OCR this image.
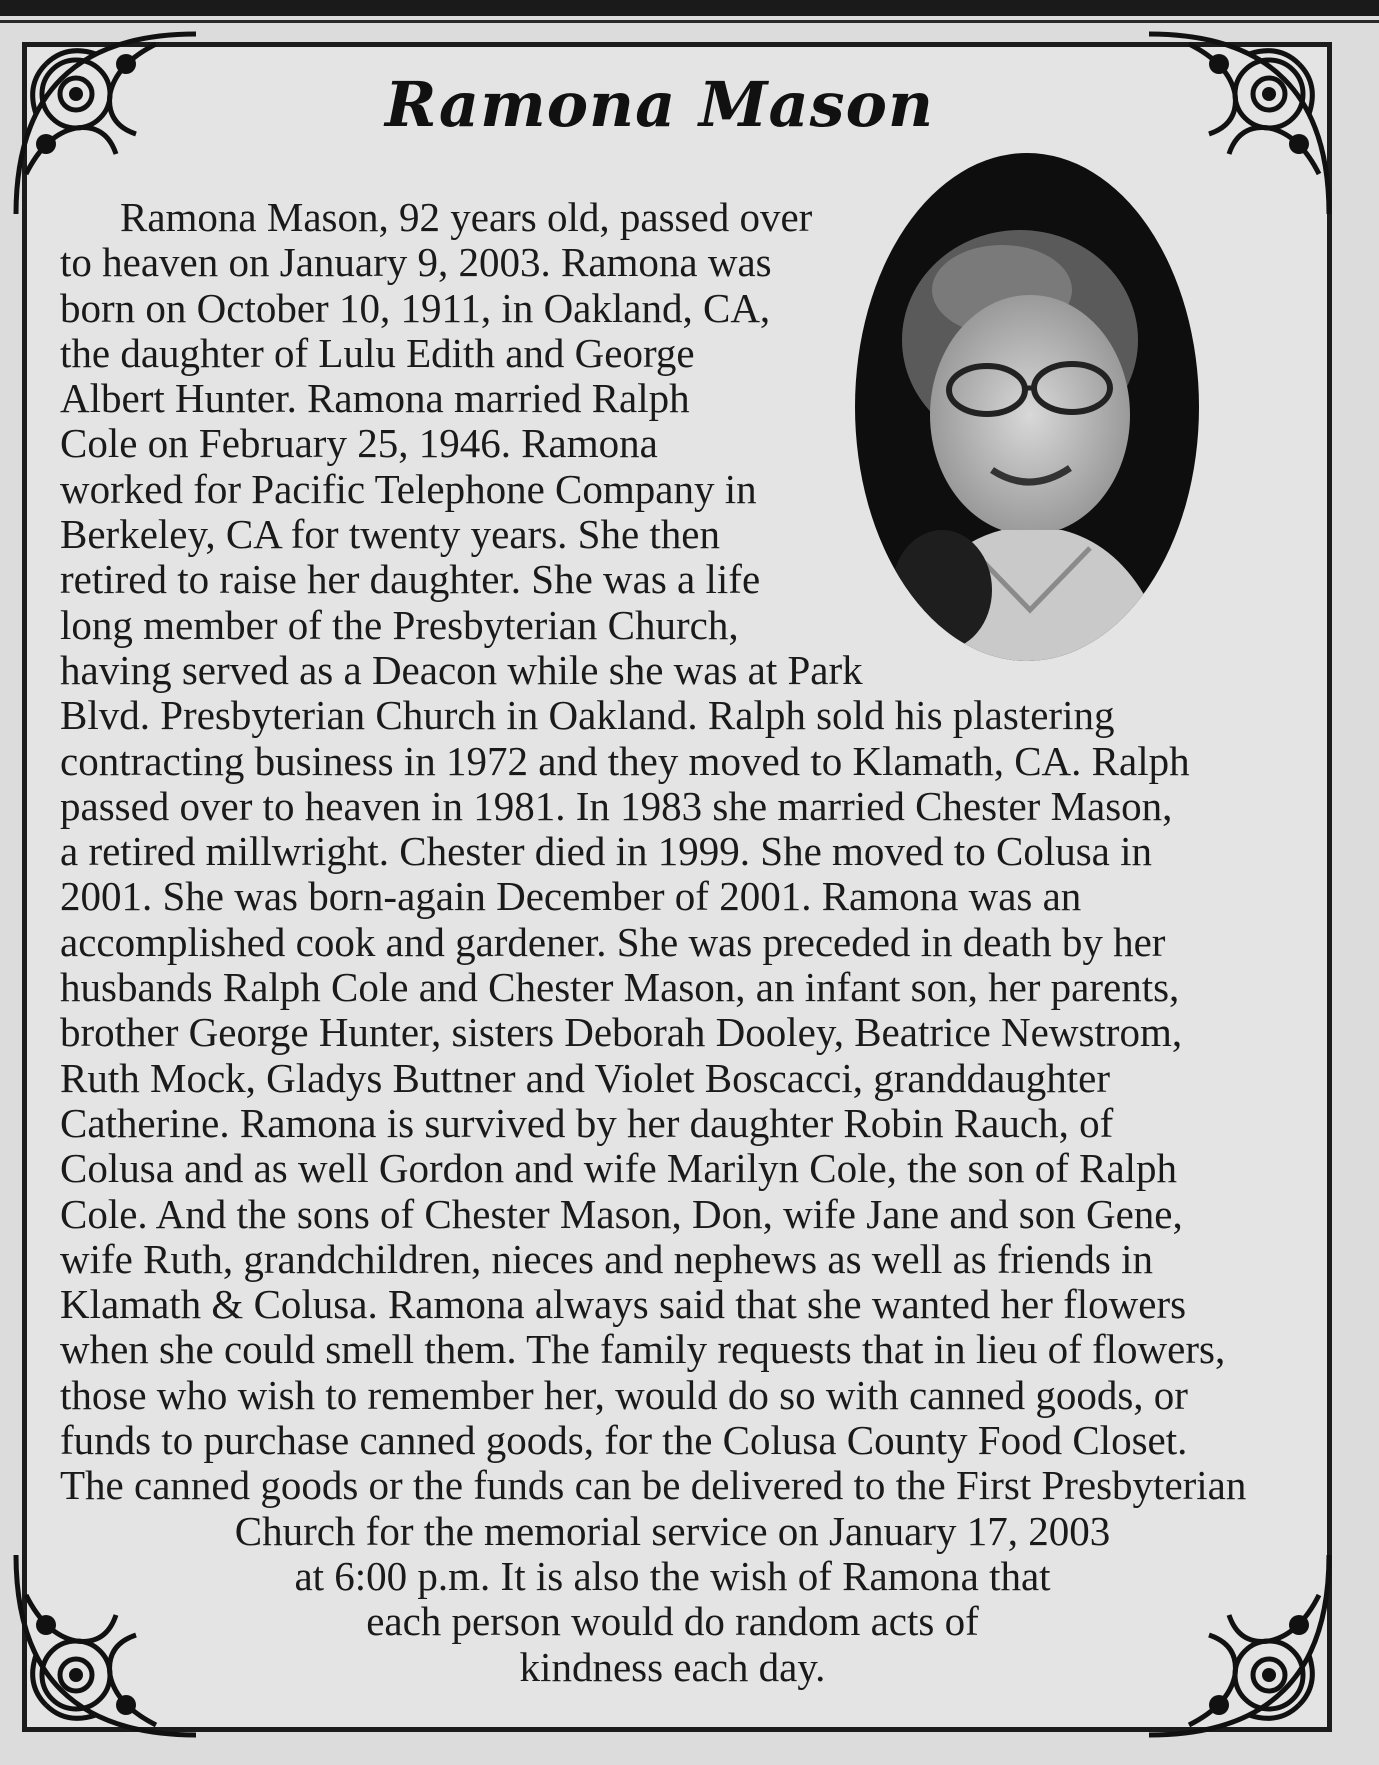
Ramona Mason
Ramona Mason, 92 years old, passed over
to heaven on January 9, 2003. Ramona was
born on October 10, 1911, in Oakland, CA,
the daughter of Lulu Edith and George
Albert Hunter. Ramona married Ralph
Cole on February 25, 1946. Ramona
worked for Pacific Telephone Company in
Berkeley, CA for twenty years. She then
retired to raise her daughter. She was a life
long member of the Presbyterian Church,
having served as a Deacon while she was at Park
Blvd. Presbyterian Church in Oakland. Ralph sold his plastering
contracting business in 1972 and they moved to Klamath, CA. Ralph
passed over to heaven in 1981. In 1983 she married Chester Mason,
a retired millwright. Chester died in 1999. She moved to Colusa in
2001. She was born-again December of 2001. Ramona was an
accomplished cook and gardener. She was preceded in death by her
husbands Ralph Cole and Chester Mason, an infant son, her parents,
brother George Hunter, sisters Deborah Dooley, Beatrice Newstrom,
Ruth Mock, Gladys Buttner and Violet Boscacci, granddaughter
Catherine. Ramona is survived by her daughter Robin Rauch, of
Colusa and as well Gordon and wife Marilyn Cole, the son of Ralph
Cole. And the sons of Chester Mason, Don, wife Jane and son Gene,
wife Ruth, grandchildren, nieces and nephews as well as friends in
Klamath & Colusa. Ramona always said that she wanted her flowers
when she could smell them. The family requests that in lieu of flowers,
those who wish to remember her, would do so with canned goods, or
funds to purchase canned goods, for the Colusa County Food Closet.
The canned goods or the funds can be delivered to the First Presbyterian
Church for the memorial service on January 17, 2003
at 6:00 p.m. It is also the wish of Ramona that
each person would do random acts of
kindness each day.
